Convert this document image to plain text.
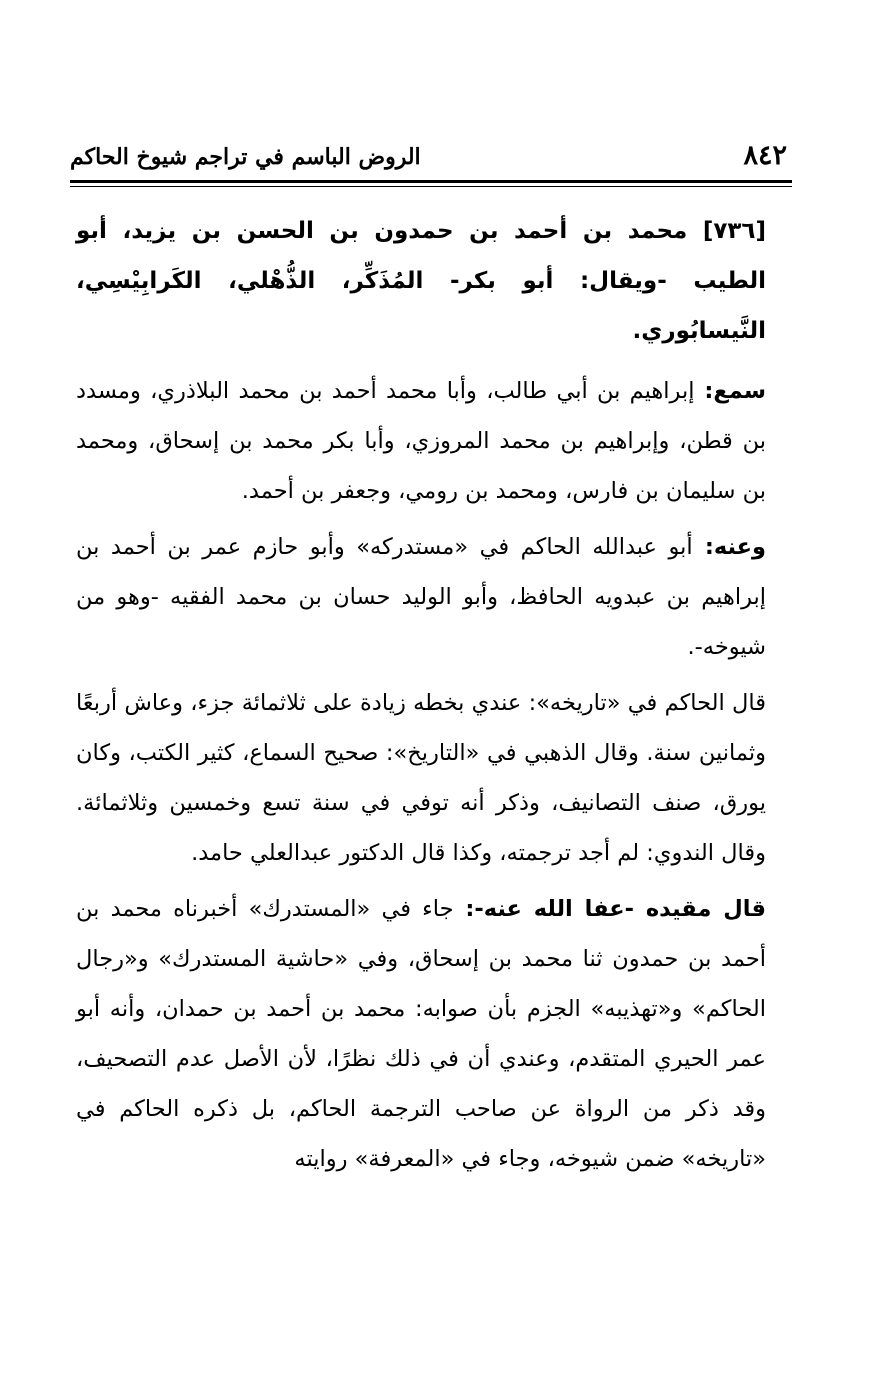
٨٤٢
الروض الباسم في تراجم شيوخ الحاكم

[٧٣٦] محمد بن أحمد بن حمدون بن الحسن بن يزيد، أبو الطيب -ويقال: أبو بكر- المُذَكِّر، الذُّهْلي، الكَرابِيْسِي، النَّيسابُوري.

سمع: إبراهيم بن أبي طالب، وأبا محمد أحمد بن محمد البلاذري، ومسدد بن قطن، وإبراهيم بن محمد المروزي، وأبا بكر محمد بن إسحاق، ومحمد بن سليمان بن فارس، ومحمد بن رومي، وجعفر بن أحمد.

وعنه: أبو عبدالله الحاكم في «مستدركه» وأبو حازم عمر بن أحمد بن إبراهيم بن عبدويه الحافظ، وأبو الوليد حسان بن محمد الفقيه -وهو من شيوخه-.

قال الحاكم في «تاريخه»: عندي بخطه زيادة على ثلاثمائة جزء، وعاش أربعًا وثمانين سنة. وقال الذهبي في «التاريخ»: صحيح السماع، كثير الكتب، وكان يورق، صنف التصانيف، وذكر أنه توفي في سنة تسع وخمسين وثلاثمائة. وقال الندوي: لم أجد ترجمته، وكذا قال الدكتور عبدالعلي حامد.

قال مقيده -عفا الله عنه-: جاء في «المستدرك» أخبرناه محمد بن أحمد بن حمدون ثنا محمد بن إسحاق، وفي «حاشية المستدرك» و«رجال الحاكم» و«تهذيبه» الجزم بأن صوابه: محمد بن أحمد بن حمدان، وأنه أبو عمر الحيري المتقدم، وعندي أن في ذلك نظرًا، لأن الأصل عدم التصحيف، وقد ذكر من الرواة عن صاحب الترجمة الحاكم، بل ذكره الحاكم في «تاريخه» ضمن شيوخه، وجاء في «المعرفة» روايته
